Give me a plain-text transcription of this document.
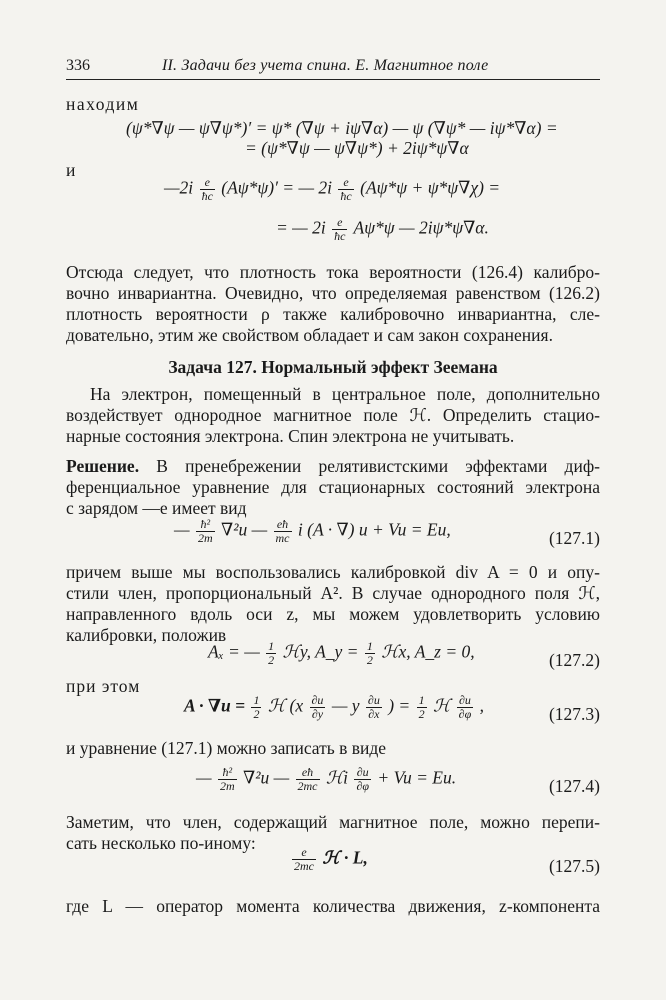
336	II. Задачи без учета спина. Е. Магнитное поле
находим
(ψ*∇ψ — ψ∇ψ*)′ = ψ* (∇ψ + iψ∇α) — ψ (∇ψ* — iψ*∇α) =
= (ψ*∇ψ — ψ∇ψ*) + 2iψ*ψ∇α
и
—2i $\frac{e}{ħc} (A\psi*\psi)'$ = — $2i \frac{e}{ħc} (A\psi*\psi + \psi*\psi\nabla\chi)$ =
= — $2i \frac{e}{ħc} A\psi*\psi$ — 2iψ*ψ∇α.
Отсюда следует, что плотность тока вероятности (126.4) калибро-
вочно инвариантна. Очевидно, что определяемая равенством (126.2)
плотность вероятности ρ также калибровочно инвариантна, сле-
довательно, этим же свойством обладает и сам закон сохранения.
Задача 127. Нормальный эффект Зеемана
На электрон, помещенный в центральное поле, дополнительно
воздействует однородное магнитное поле ℋ. Определить стацио-
нарные состояния электрона. Спин электрона не учитывать.
Решение. В пренебрежении релятивистскими эффектами диф-
ференциальное уравнение для стационарных состояний электрона
с зарядом —e имеет вид
— $\frac{\text{ħ²}}{2m} \nabla^2u$ — $\frac{eħ}{mc}$ i (A · ∇) u + Vu = Eu,	(127.1)
причем выше мы воспользовались калибровкой div A = 0 и опу-
стили член, пропорциональный A². В случае однородного поля ℋ,
направленного вдоль оси z, мы можем удовлетворить условию
калибровки, положив
Aₓ = — $\frac{1}{2}$ ℋy, A_y = $\frac{1}{2}$ ℋx, A_z = 0,	(127.2)
при этом
$A \cdot \nabla u = \frac{1}{2}$ ℋ ($x \frac{\partial u}{\partial y}$ — y $\frac{\partial u}{\partial x}$ ) = $\frac{1}{2}$ ℋ $\frac{\partial u}{\partial\varphi}$ ,	(127.3)
и уравнение (127.1) можно записать в виде
— $\frac{\text{ħ²}}{2m} \nabla^2u$ — $\frac{eħ}{2mc}$ ℋi $\frac{\partial u}{\partial\varphi} + Vu = Eu$.	(127.4)
Заметим, что член, содержащий магнитное поле, можно перепи-
сать несколько по-иному:
$\frac{e}{2mc}$ ℋ · L,	(127.5)
где L — оператор момента количества движения, z-компонента
